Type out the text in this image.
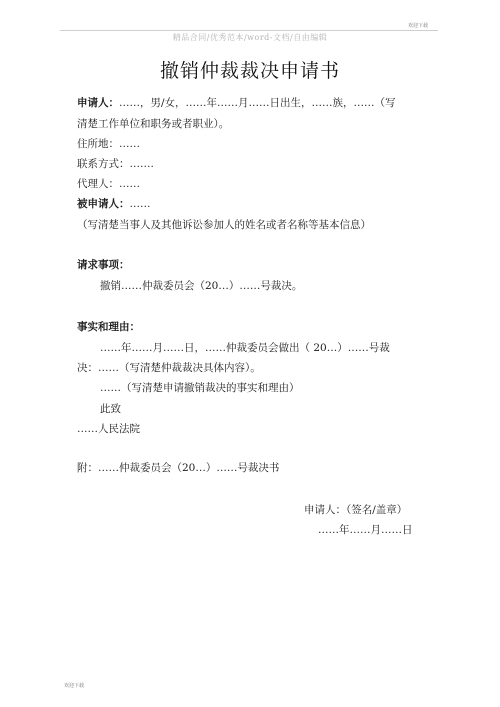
欢迎下载
精品合同/优秀范本/word-文档/自由编辑
撤销仲裁裁决申请书
申请人：……，男/女，……年……月……日出生，……族，……（写
清楚工作单位和职务或者职业）。
住所地：……
联系方式：…….
代理人：……
被申请人：……
（写清楚当事人及其他诉讼参加人的姓名或者名称等基本信息）
请求事项：
撤销……仲裁委员会（20…）……号裁决。
事实和理由：
……年……月……日，……仲裁委员会做出（ 20…）……号裁
决：……（写清楚仲裁裁决具体内容）。
……（写清楚申请撤销裁决的事实和理由）
此致
……人民法院
附：……仲裁委员会（20…）……号裁决书
申请人：（签名/盖章）
……年……月……日
欢迎下载
